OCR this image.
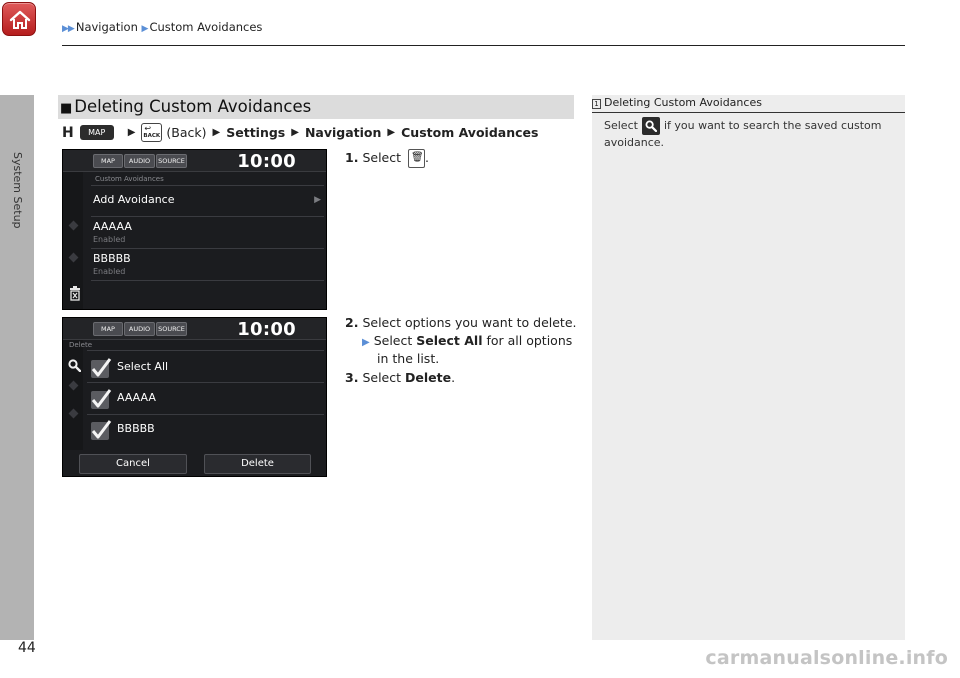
▶▶ Navigation ▶ Custom Avoidances
System Setup
■ Deleting Custom Avoidances
H	MAP	▶ ↩
BACK (Back) ▶ Settings ▶ Navigation ▶ Custom Avoidances
MAP	AUDIO	SOURCE	10:00
Custom Avoidances
Add Avoidance	▶
AAAAA
Enabled
BBBBB
Enabled
MAP	AUDIO	SOURCE	10:00
Delete
Select All
AAAAA
BBBBB
Cancel	Delete
1. Select 🗑 .
2. Select options you want to delete.
▶ Select Select All for all options
in the list.
3. Select Delete.
1 Deleting Custom Avoidances
Select if you want to search the saved custom avoidance.
44	carmanualsonline.info
